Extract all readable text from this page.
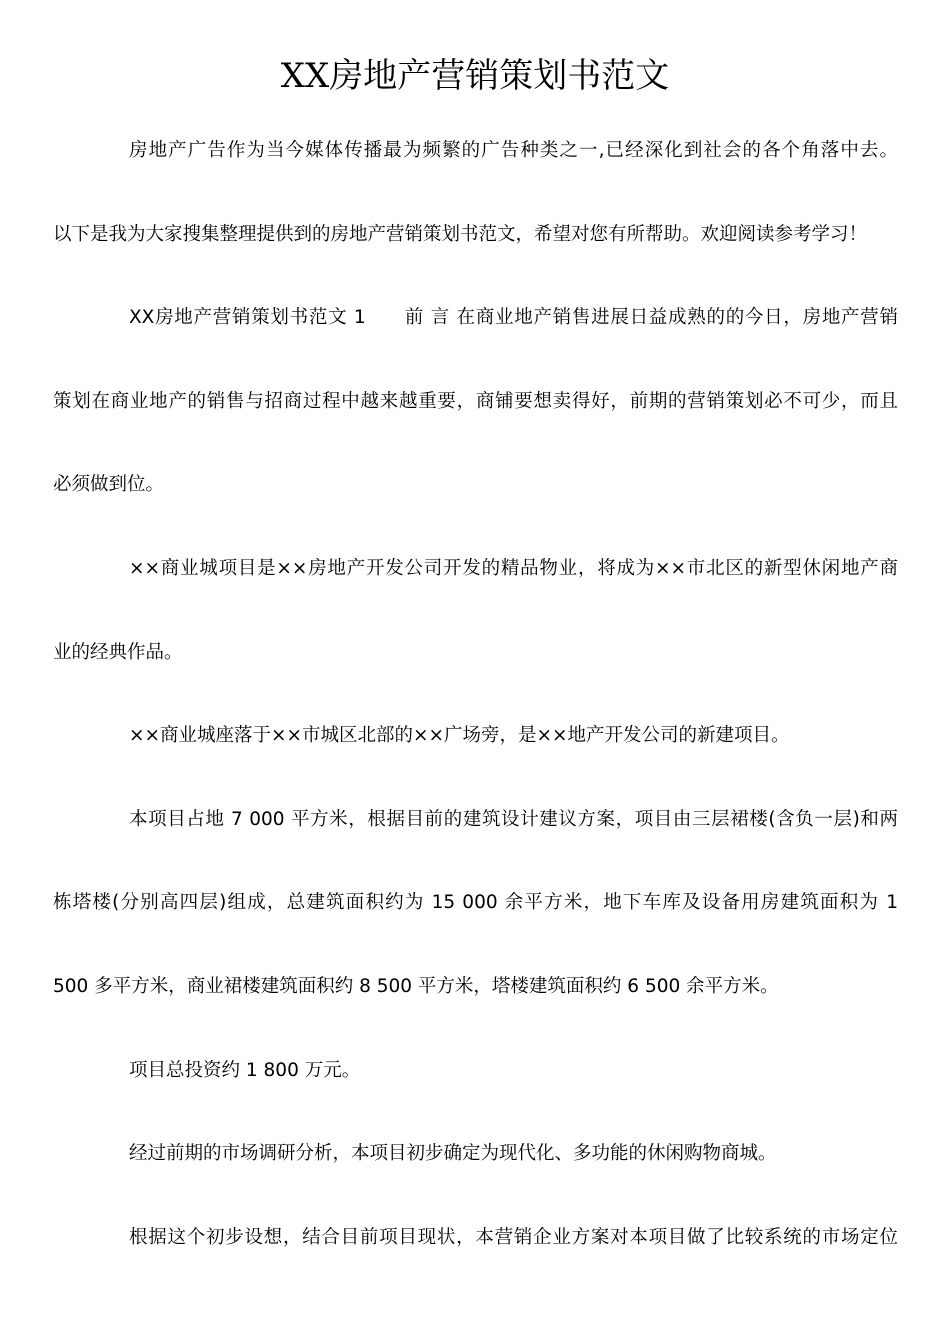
XX房地产营销策划书范文
房地产广告作为当今媒体传播最为频繁的广告种类之一,已经深化到社会的各个角落中去。
以下是我为大家搜集整理提供到的房地产营销策划书范文，希望对您有所帮助。欢迎阅读参考学习！
XX房地产营销策划书范文 1　　前 言 在商业地产销售进展日益成熟的的今日，房地产营销
策划在商业地产的销售与招商过程中越来越重要，商铺要想卖得好，前期的营销策划必不可少，而且
必须做到位。
××商业城项目是××房地产开发公司开发的精品物业，将成为××市北区的新型休闲地产商
业的经典作品。
××商业城座落于××市城区北部的××广场旁，是××地产开发公司的新建项目。
本项目占地 7 000 平方米，根据目前的建筑设计建议方案，项目由三层裙楼(含负一层)和两
栋塔楼(分别高四层)组成，总建筑面积约为 15 000 余平方米，地下车库及设备用房建筑面积为 1
500 多平方米，商业裙楼建筑面积约 8 500 平方米，塔楼建筑面积约 6 500 余平方米。
项目总投资约 1 800 万元。
经过前期的市场调研分析，本项目初步确定为现代化、多功能的休闲购物商城。
根据这个初步设想，结合目前项目现状，本营销企业方案对本项目做了比较系统的市场定位
